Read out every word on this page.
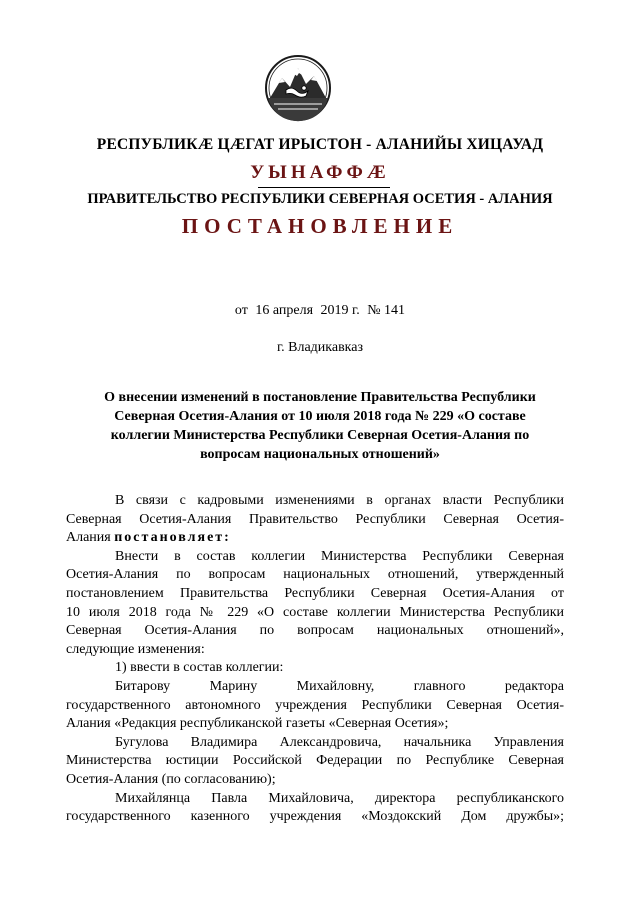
РЕСПУБЛИКӔ ЦӔГАТ ИРЫСТОН - АЛАНИЙЫ ХИЦАУАД
УЫНАФФӔ
ПРАВИТЕЛЬСТВО РЕСПУБЛИКИ СЕВЕРНАЯ ОСЕТИЯ - АЛАНИЯ
ПОСТАНОВЛЕНИЕ
от 16 апреля 2019 г. № 141
г. Владикавказ
О внесении изменений в постановление Правительства Республики
Северная Осетия-Алания от 10 июля 2018 года № 229 «О составе
коллегии Министерства Республики Северная Осетия-Алания по
вопросам национальных отношений»
В связи с кадровыми изменениями в органах власти Республики
Северная Осетия-Алания Правительство Республики Северная Осетия-
Алания постановляет:
Внести в состав коллегии Министерства Республики Северная
Осетия-Алания по вопросам национальных отношений, утвержденный
постановлением Правительства Республики Северная Осетия-Алания от
10 июля 2018 года № 229 «О составе коллегии Министерства Республики
Северная Осетия-Алания по вопросам национальных отношений»,
следующие изменения:
1) ввести в состав коллегии:
Битарову Марину Михайловну, главного редактора
государственного автономного учреждения Республики Северная Осетия-
Алания «Редакция республиканской газеты «Северная Осетия»;
Бугулова Владимира Александровича, начальника Управления
Министерства юстиции Российской Федерации по Республике Северная
Осетия-Алания (по согласованию);
Михайлянца Павла Михайловича, директора республиканского
государственного казенного учреждения «Моздокский Дом дружбы»;
